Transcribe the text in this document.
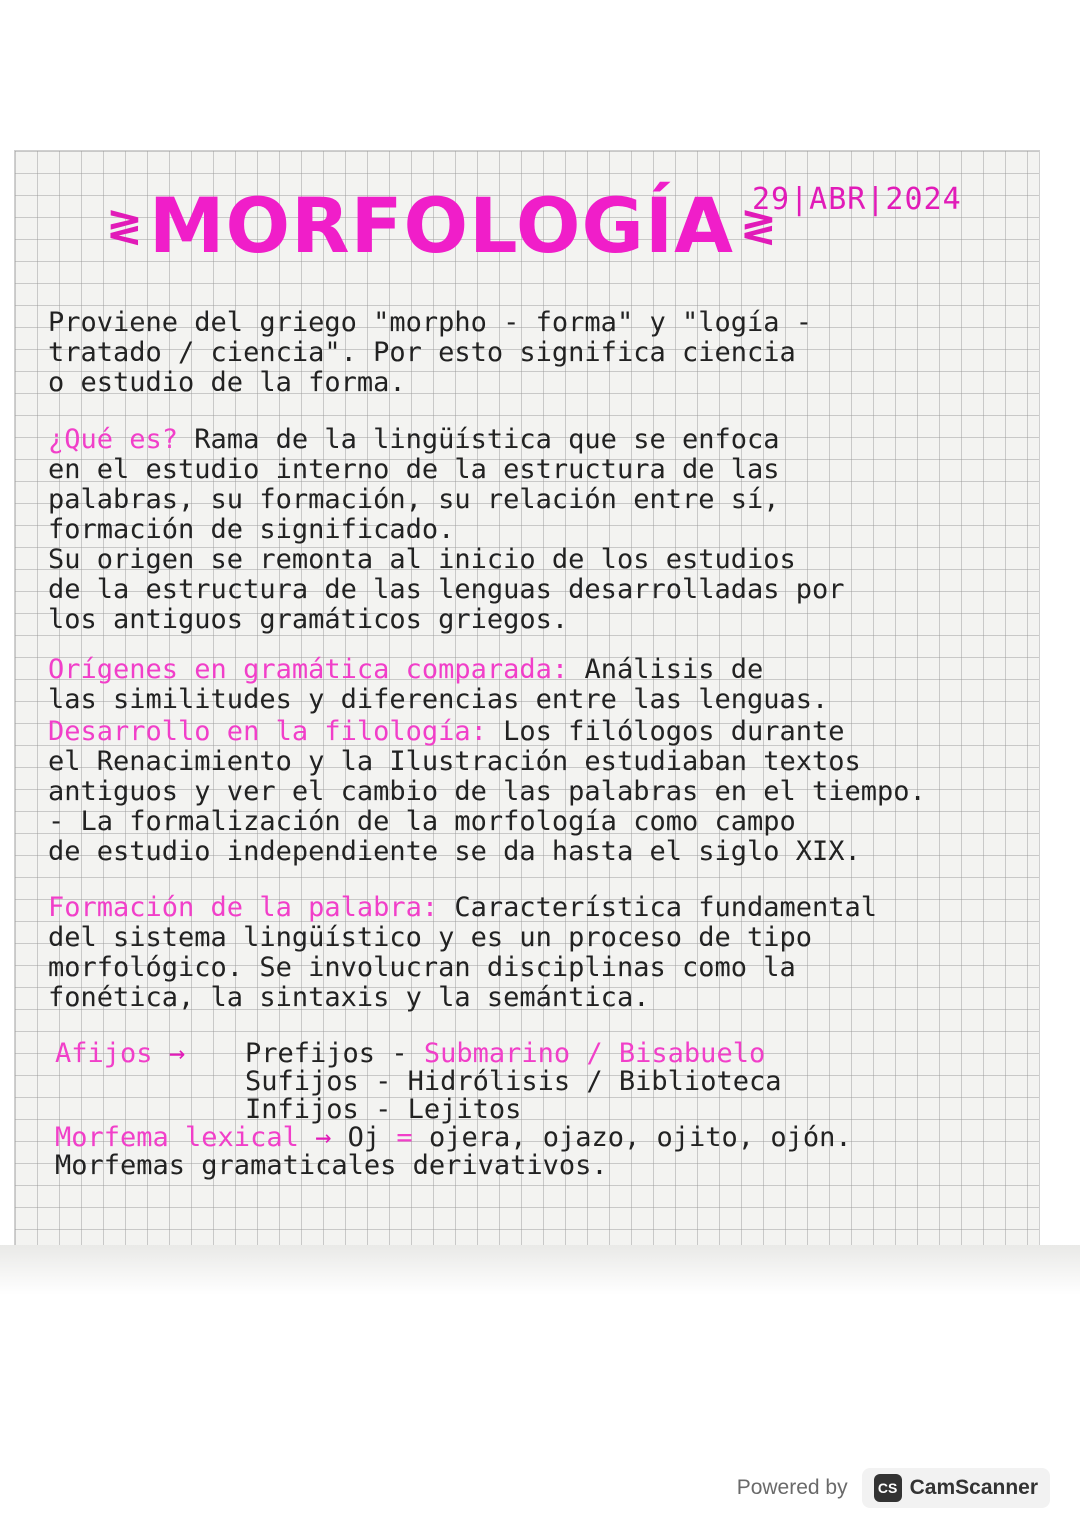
≷ MORFOLOGÍA ≷
29|ABR|2024
Proviene del griego "morpho - forma" y "logía -
tratado / ciencia". Por esto significa ciencia
o estudio de la forma.
¿Qué es? Rama de la lingüística que se enfoca
en el estudio interno de la estructura de las
palabras, su formación, su relación entre sí,
formación de significado.
Su origen se remonta al inicio de los estudios
de la estructura de las lenguas desarrolladas por
los antiguos gramáticos griegos.
Orígenes en gramática comparada: Análisis de
las similitudes y diferencias entre las lenguas.
Desarrollo en la filología: Los filólogos durante
el Renacimiento y la Ilustración estudiaban textos
antiguos y ver el cambio de las palabras en el tiempo.
- La formalización de la morfología como campo
de estudio independiente se da hasta el siglo XIX.
Formación de la palabra: Característica fundamental
del sistema lingüístico y es un proceso de tipo
morfológico. Se involucran disciplinas como la
fonética, la sintaxis y la semántica.
Afijos → Prefijos - Submarino / Bisabuelo
Sufijos - Hidrólisis / Biblioteca
Infijos - Lejitos
Morfema lexical → Oj = ojera, ojazo, ojito, ojón.
Morfemas gramaticales derivativos.
Powered by	CS CamScanner
